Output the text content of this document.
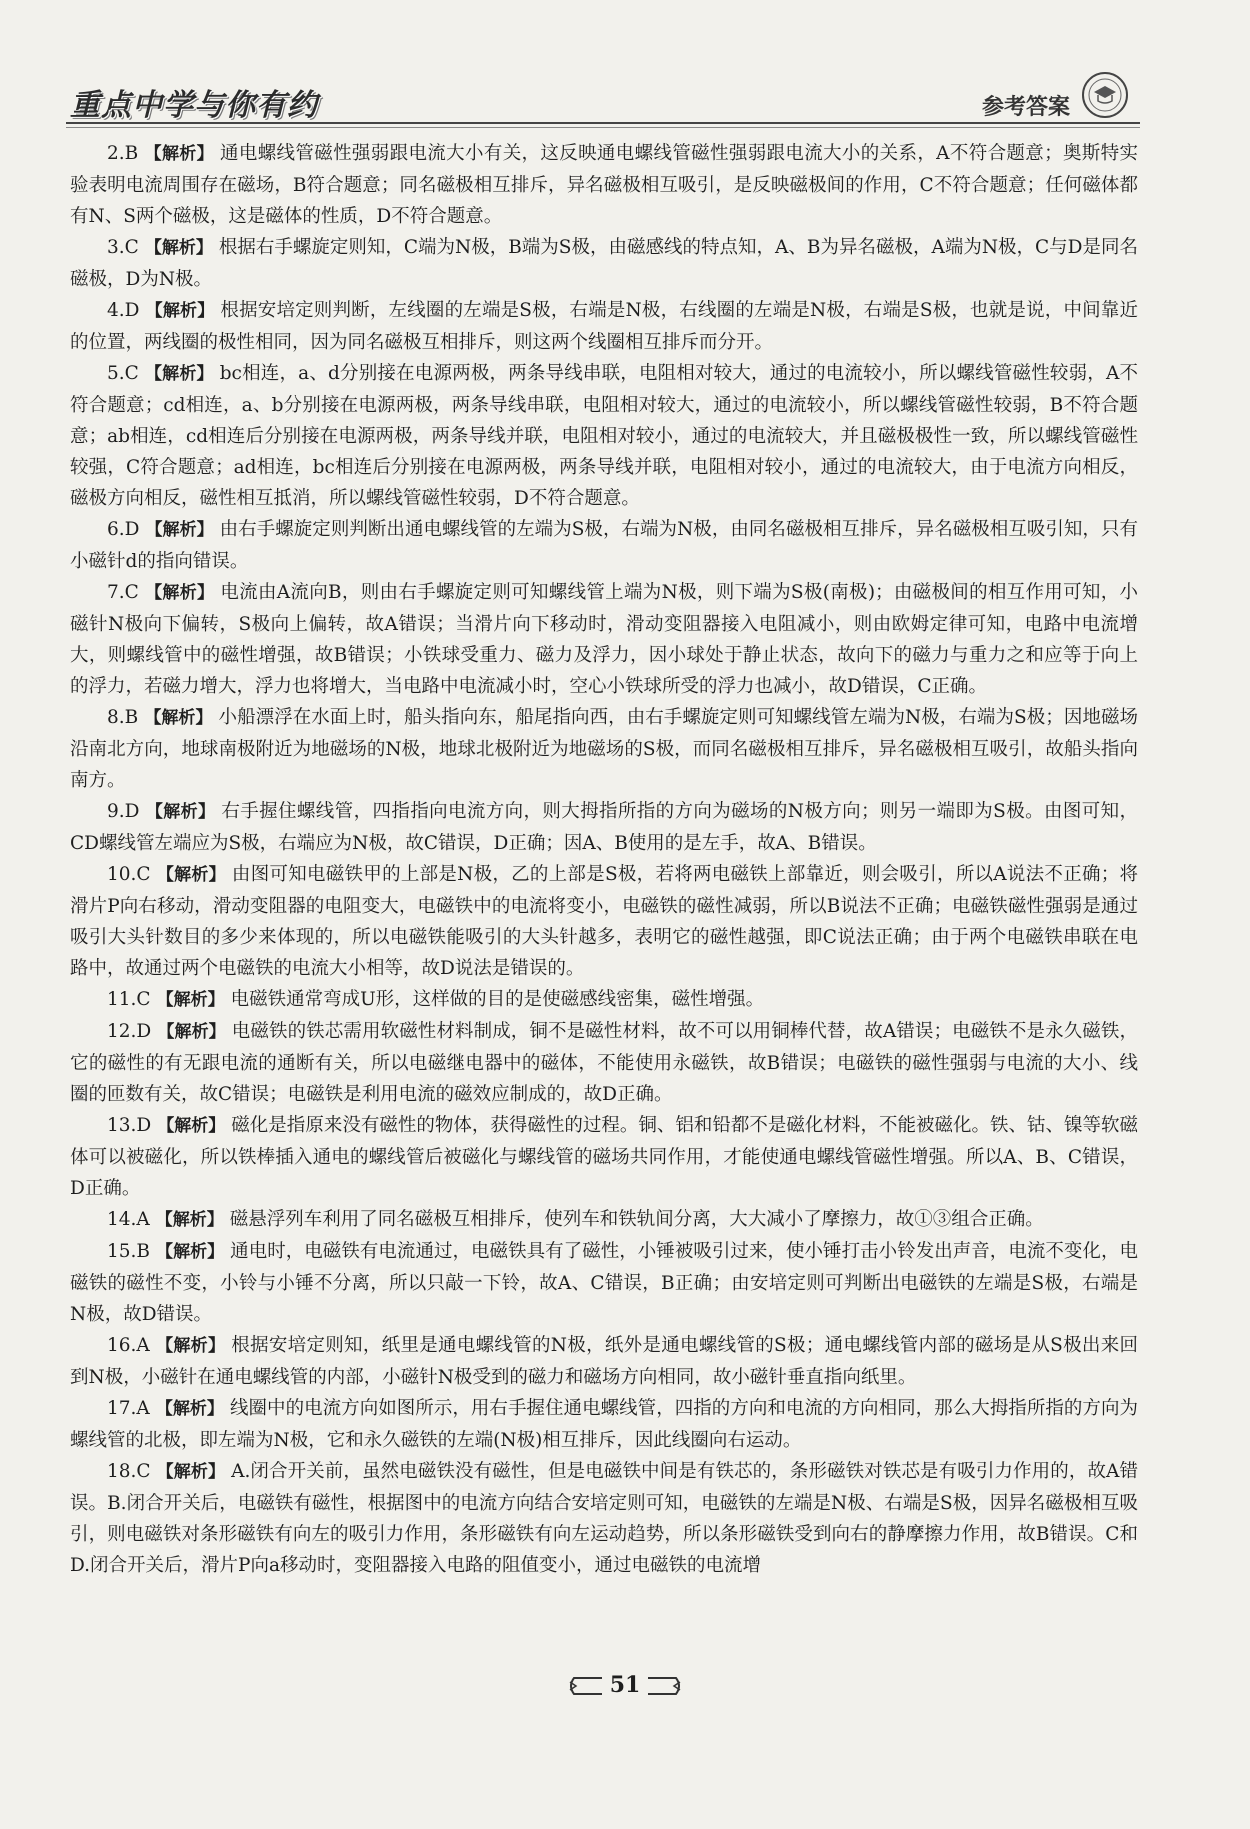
重点中学与你有约	参考答案

2.B 【解析】 通电螺线管磁性强弱跟电流大小有关，这反映通电螺线管磁性强弱跟电流大小的关系，A不符合题意；奥斯特实验表明电流周围存在磁场，B符合题意；同名磁极相互排斥，异名磁极相互吸引，是反映磁极间的作用，C不符合题意；任何磁体都有N、S两个磁极，这是磁体的性质，D不符合题意。

3.C 【解析】 根据右手螺旋定则知，C端为N极，B端为S极，由磁感线的特点知，A、B为异名磁极，A端为N极，C与D是同名磁极，D为N极。

4.D 【解析】 根据安培定则判断，左线圈的左端是S极，右端是N极，右线圈的左端是N极，右端是S极，也就是说，中间靠近的位置，两线圈的极性相同，因为同名磁极互相排斥，则这两个线圈相互排斥而分开。

5.C 【解析】 bc相连，a、d分别接在电源两极，两条导线串联，电阻相对较大，通过的电流较小，所以螺线管磁性较弱，A不符合题意；cd相连，a、b分别接在电源两极，两条导线串联，电阻相对较大，通过的电流较小，所以螺线管磁性较弱，B不符合题意；ab相连，cd相连后分别接在电源两极，两条导线并联，电阻相对较小，通过的电流较大，并且磁极极性一致，所以螺线管磁性较强，C符合题意；ad相连，bc相连后分别接在电源两极，两条导线并联，电阻相对较小，通过的电流较大，由于电流方向相反，磁极方向相反，磁性相互抵消，所以螺线管磁性较弱，D不符合题意。

6.D 【解析】 由右手螺旋定则判断出通电螺线管的左端为S极，右端为N极，由同名磁极相互排斥，异名磁极相互吸引知，只有小磁针d的指向错误。

7.C 【解析】 电流由A流向B，则由右手螺旋定则可知螺线管上端为N极，则下端为S极(南极)；由磁极间的相互作用可知，小磁针N极向下偏转，S极向上偏转，故A错误；当滑片向下移动时，滑动变阻器接入电阻减小，则由欧姆定律可知，电路中电流增大，则螺线管中的磁性增强，故B错误；小铁球受重力、磁力及浮力，因小球处于静止状态，故向下的磁力与重力之和应等于向上的浮力，若磁力增大，浮力也将增大，当电路中电流减小时，空心小铁球所受的浮力也减小，故D错误，C正确。

8.B 【解析】 小船漂浮在水面上时，船头指向东，船尾指向西，由右手螺旋定则可知螺线管左端为N极，右端为S极；因地磁场沿南北方向，地球南极附近为地磁场的N极，地球北极附近为地磁场的S极，而同名磁极相互排斥，异名磁极相互吸引，故船头指向南方。

9.D 【解析】 右手握住螺线管，四指指向电流方向，则大拇指所指的方向为磁场的N极方向；则另一端即为S极。由图可知，CD螺线管左端应为S极，右端应为N极，故C错误，D正确；因A、B使用的是左手，故A、B错误。

10.C 【解析】 由图可知电磁铁甲的上部是N极，乙的上部是S极，若将两电磁铁上部靠近，则会吸引，所以A说法不正确；将滑片P向右移动，滑动变阻器的电阻变大，电磁铁中的电流将变小，电磁铁的磁性减弱，所以B说法不正确；电磁铁磁性强弱是通过吸引大头针数目的多少来体现的，所以电磁铁能吸引的大头针越多，表明它的磁性越强，即C说法正确；由于两个电磁铁串联在电路中，故通过两个电磁铁的电流大小相等，故D说法是错误的。

11.C 【解析】 电磁铁通常弯成U形，这样做的目的是使磁感线密集，磁性增强。

12.D 【解析】 电磁铁的铁芯需用软磁性材料制成，铜不是磁性材料，故不可以用铜棒代替，故A错误；电磁铁不是永久磁铁，它的磁性的有无跟电流的通断有关，所以电磁继电器中的磁体，不能使用永磁铁，故B错误；电磁铁的磁性强弱与电流的大小、线圈的匝数有关，故C错误；电磁铁是利用电流的磁效应制成的，故D正确。

13.D 【解析】 磁化是指原来没有磁性的物体，获得磁性的过程。铜、铝和铅都不是磁化材料，不能被磁化。铁、钴、镍等软磁体可以被磁化，所以铁棒插入通电的螺线管后被磁化与螺线管的磁场共同作用，才能使通电螺线管磁性增强。所以A、B、C错误，D正确。

14.A 【解析】 磁悬浮列车利用了同名磁极互相排斥，使列车和铁轨间分离，大大减小了摩擦力，故①③组合正确。

15.B 【解析】 通电时，电磁铁有电流通过，电磁铁具有了磁性，小锤被吸引过来，使小锤打击小铃发出声音，电流不变化，电磁铁的磁性不变，小铃与小锤不分离，所以只敲一下铃，故A、C错误，B正确；由安培定则可判断出电磁铁的左端是S极，右端是N极，故D错误。

16.A 【解析】 根据安培定则知，纸里是通电螺线管的N极，纸外是通电螺线管的S极；通电螺线管内部的磁场是从S极出来回到N极，小磁针在通电螺线管的内部，小磁针N极受到的磁力和磁场方向相同，故小磁针垂直指向纸里。

17.A 【解析】 线圈中的电流方向如图所示，用右手握住通电螺线管，四指的方向和电流的方向相同，那么大拇指所指的方向为螺线管的北极，即左端为N极，它和永久磁铁的左端(N极)相互排斥，因此线圈向右运动。

18.C 【解析】 A.闭合开关前，虽然电磁铁没有磁性，但是电磁铁中间是有铁芯的，条形磁铁对铁芯是有吸引力作用的，故A错误。B.闭合开关后，电磁铁有磁性，根据图中的电流方向结合安培定则可知，电磁铁的左端是N极、右端是S极，因异名磁极相互吸引，则电磁铁对条形磁铁有向左的吸引力作用，条形磁铁有向左运动趋势，所以条形磁铁受到向右的静摩擦力作用，故B错误。C和D.闭合开关后，滑片P向a移动时，变阻器接入电路的阻值变小，通过电磁铁的电流增

51
